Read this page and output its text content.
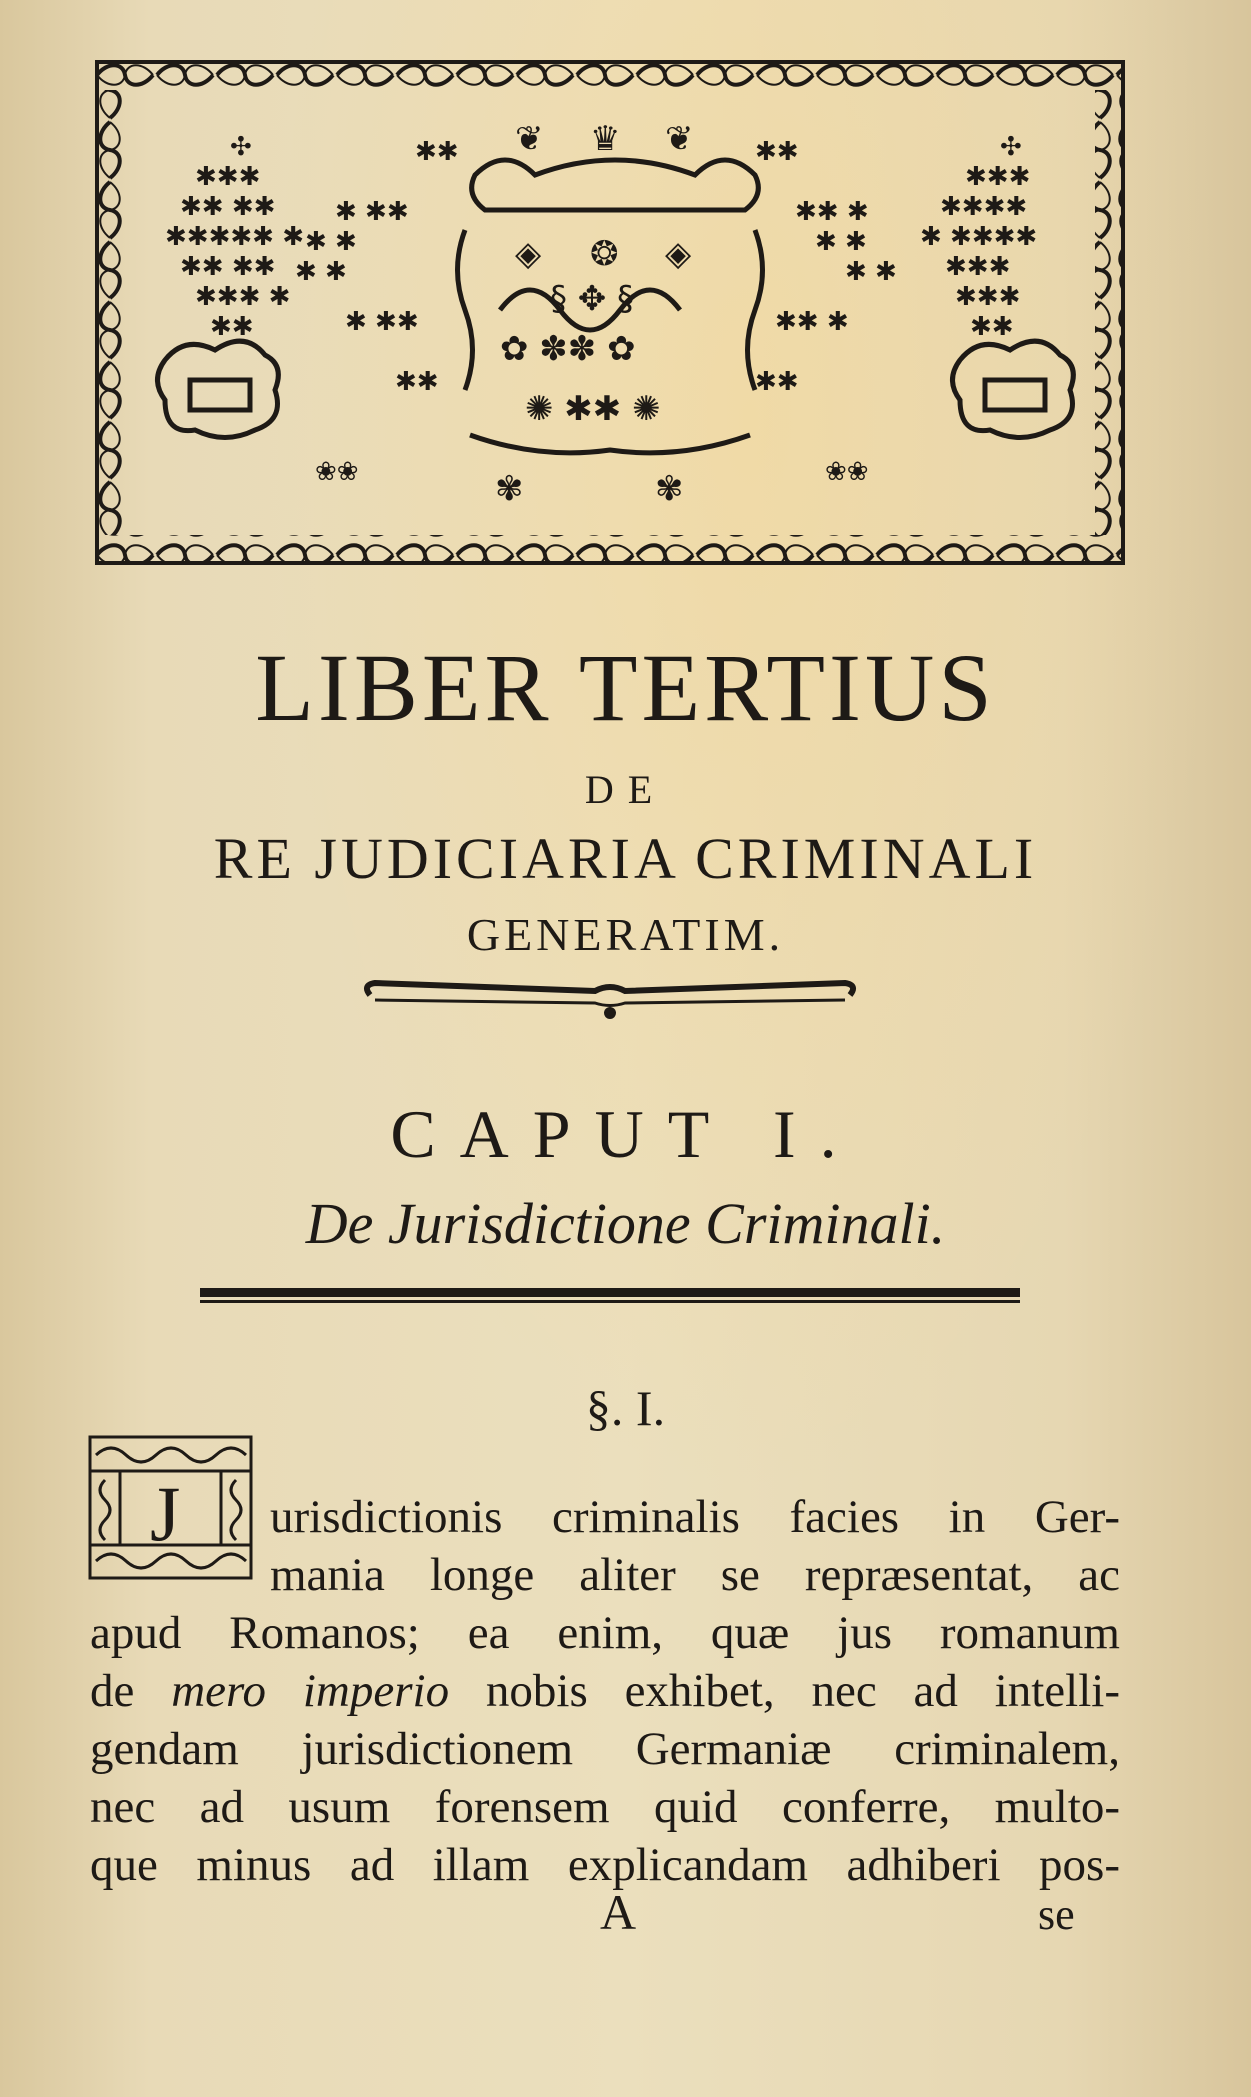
✣
✱✱✱
✱✱ ✱✱
✱✱✱✱✱ ✱
✱✱ ✱✱
✱✱✱ ✱
✱✱
✣
✱✱✱
✱✱✱✱
✱ ✱✱✱✱
✱✱✱
✱✱✱
✱✱
✱✱	✱✱
✱ ✱✱	✱✱ ✱
✱ ✱	✱ ✱
✱ ✱	✱ ✱
✱ ✱✱	✱✱ ✱
✱✱	✱✱
❀❀	❀❀
❦ ♛ ❦
◈ ❂ ◈
§ ✥ §
✿ ✽✽ ✿
✺ ✱✱ ✺
✾	✾
LIBER TERTIUS
DE
RE JUDICIARIA CRIMINALI
GENERATIM.
CAPUT I.
De Jurisdictione Criminali.
§. I.
J urisdictionis criminalis facies in Ger-
mania longe aliter se repræsentat, ac
apud Romanos; ea enim, quæ jus romanum
de mero imperio nobis exhibet, nec ad intelli-
gendam jurisdictionem Germaniæ criminalem,
nec ad usum forensem quid conferre, multo-
que minus ad illam explicandam adhiberi pos-
A	se
